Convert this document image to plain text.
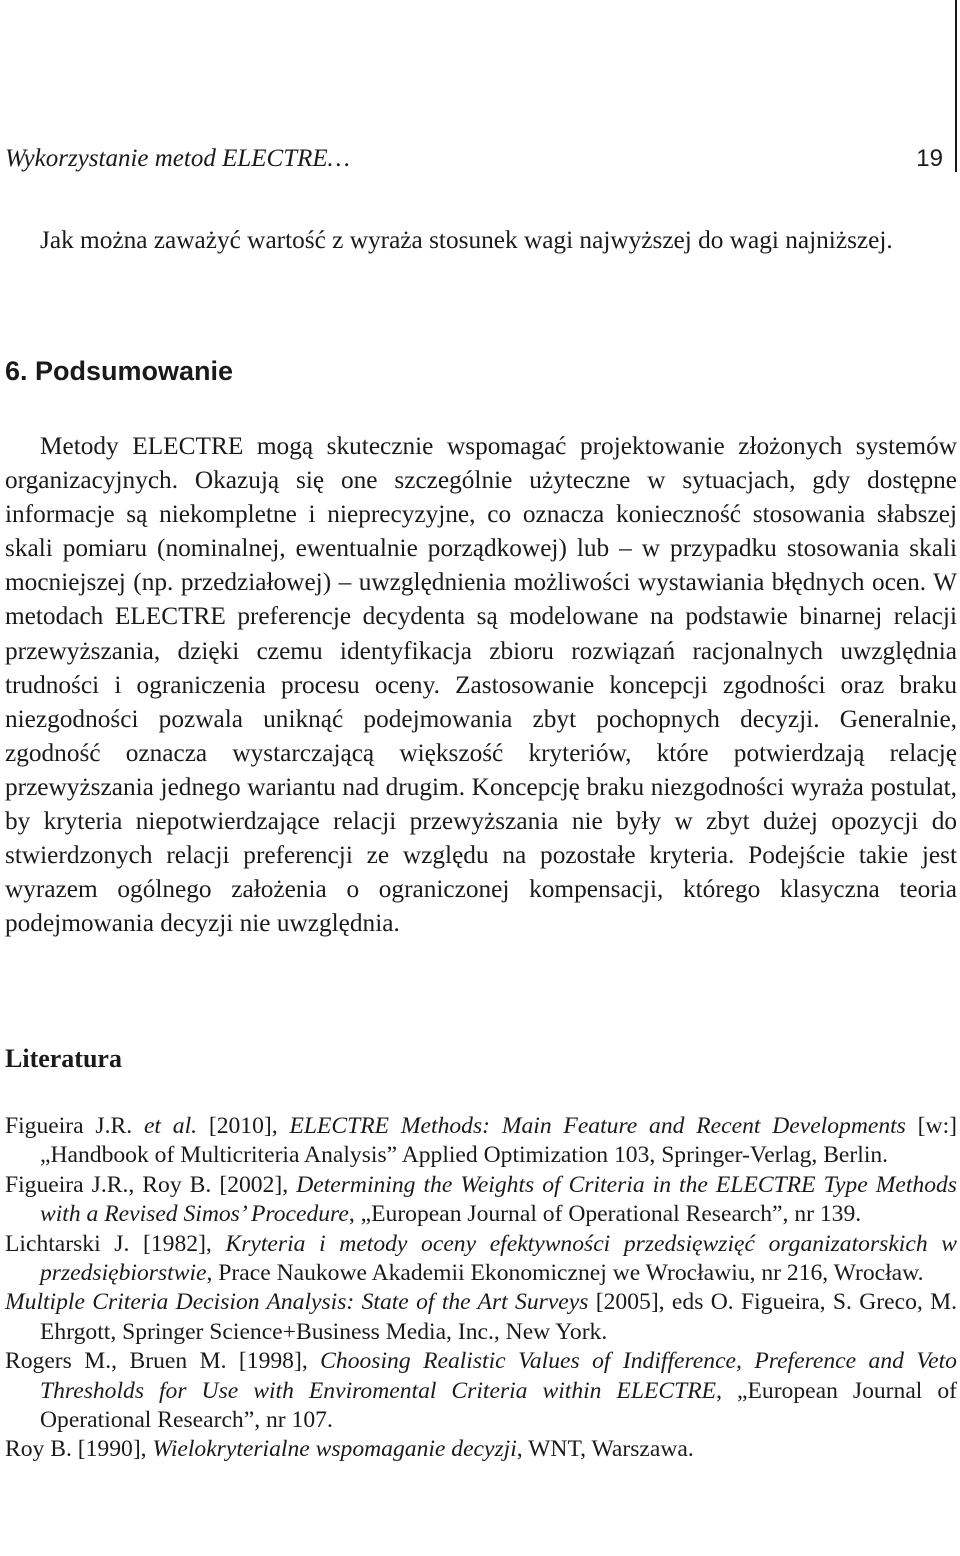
Wykorzystanie metod ELECTRE…	19

Jak można zaważyć wartość z wyraża stosunek wagi najwyższej do wagi najniższej.

6. Podsumowanie

Metody ELECTRE mogą skutecznie wspomagać projektowanie złożonych systemów organizacyjnych. Okazują się one szczególnie użyteczne w sytuacjach, gdy dostępne informacje są niekompletne i nieprecyzyjne, co oznacza konieczność stosowania słabszej skali pomiaru (nominalnej, ewentualnie porządkowej) lub – w przypadku stosowania skali mocniejszej (np. przedziałowej) – uwzględnienia możliwości wystawiania błędnych ocen. W metodach ELECTRE preferencje decydenta są modelowane na podstawie binarnej relacji przewyższania, dzięki czemu identyfikacja zbioru rozwiązań racjonalnych uwzględnia trudności i ograniczenia procesu oceny. Zastosowanie koncepcji zgodności oraz braku niezgodności pozwala uniknąć podejmowania zbyt pochopnych decyzji. Generalnie, zgodność oznacza wystarczającą większość kryteriów, które potwierdzają relację przewyższania jednego wariantu nad drugim. Koncepcję braku niezgodności wyraża postulat, by kryteria niepotwierdzające relacji przewyższania nie były w zbyt dużej opozycji do stwierdzonych relacji preferencji ze względu na pozostałe kryteria. Podejście takie jest wyrazem ogólnego założenia o ograniczonej kompensacji, którego klasyczna teoria podejmowania decyzji nie uwzględnia.

Literatura
Figueira J.R. et al. [2010], ELECTRE Methods: Main Feature and Recent Developments [w:] „Handbook of Multicriteria Analysis” Applied Optimization 103, Springer-Verlag, Berlin.
Figueira J.R., Roy B. [2002], Determining the Weights of Criteria in the ELECTRE Type Methods with a Revised Simos’ Procedure, „European Journal of Operational Research”, nr 139.
Lichtarski J. [1982], Kryteria i metody oceny efektywności przedsięwzięć organizatorskich w przedsiębiorstwie, Prace Naukowe Akademii Ekonomicznej we Wrocławiu, nr 216, Wrocław.
Multiple Criteria Decision Analysis: State of the Art Surveys [2005], eds O. Figueira, S. Greco, M. Ehrgott, Springer Science+Business Media, Inc., New York.
Rogers M., Bruen M. [1998], Choosing Realistic Values of Indifference, Preference and Veto Thresholds for Use with Enviromental Criteria within ELECTRE, „European Journal of Operational Research”, nr 107.
Roy B. [1990], Wielokryterialne wspomaganie decyzji, WNT, Warszawa.
